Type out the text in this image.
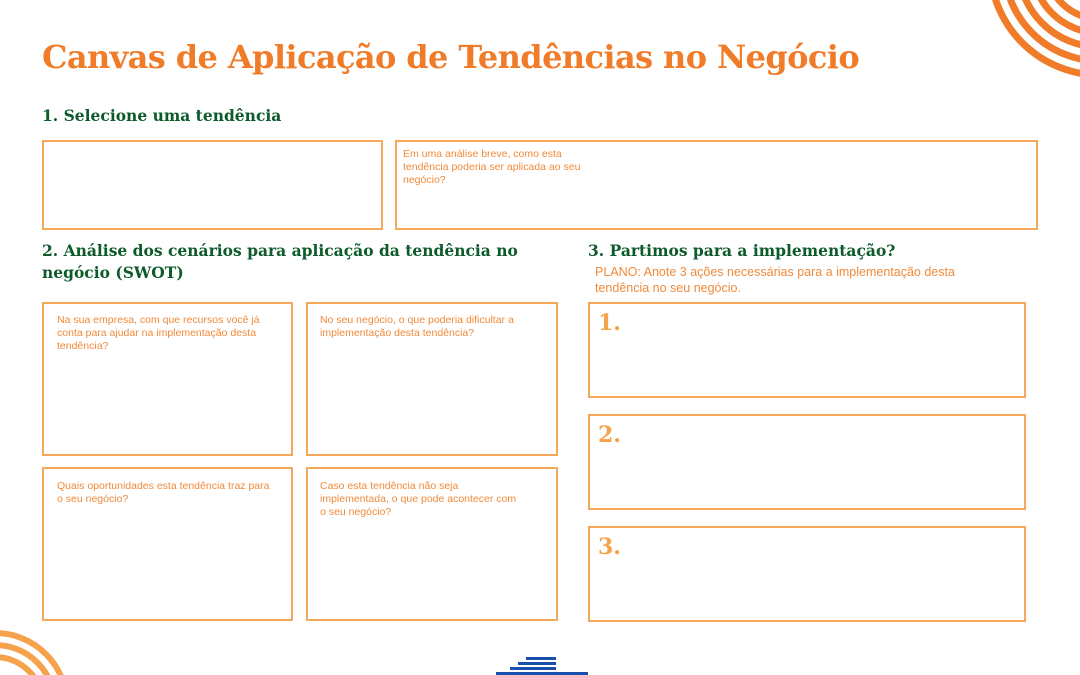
Canvas de Aplicação de Tendências no Negócio
1. Selecione uma tendência

Em uma análise breve, como esta tendência poderia ser aplicada ao seu negócio?

2. Análise dos cenários para aplicação da tendência no negócio (SWOT)

Na sua empresa, com que recursos você já conta para ajudar na implementação desta tendência?

No seu negócio, o que poderia dificultar a implementação desta tendência?

Quais oportunidades esta tendência traz para o seu negócio?

Caso esta tendência não seja implementada, o que pode acontecer com o seu negócio?

3. Partimos para a implementação?

PLANO: Anote 3 ações necessárias para a implementação desta tendência no seu negócio.

1.
2.
3.
